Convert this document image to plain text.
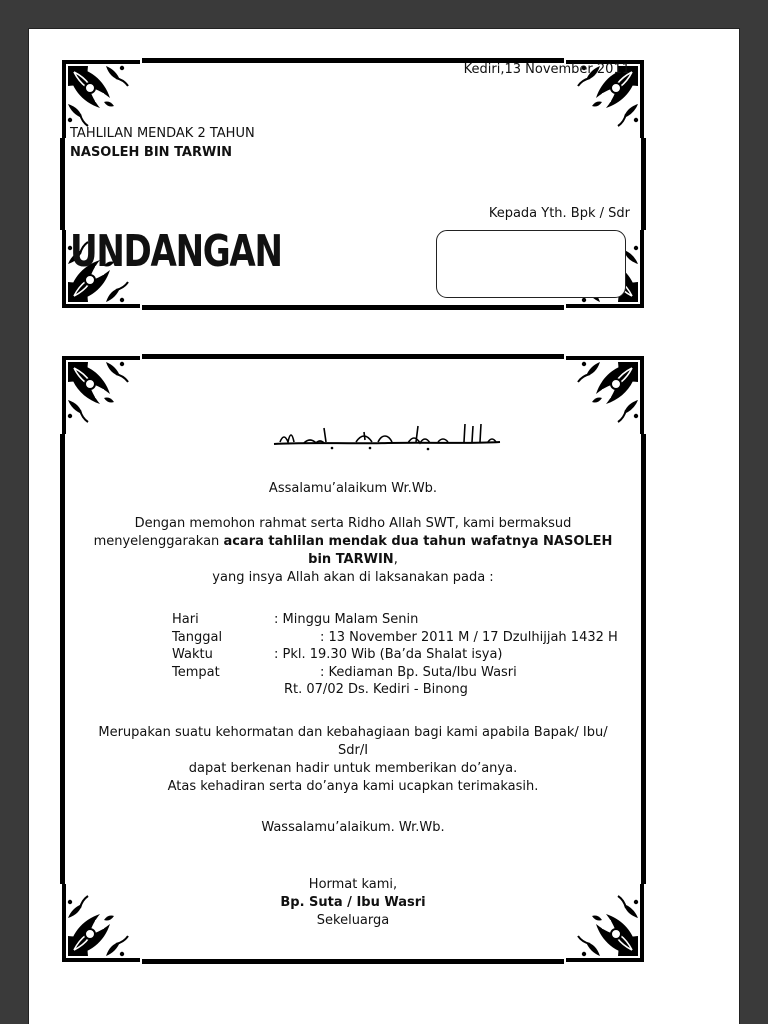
Kediri,13 November 2011
TAHLILAN MENDAK 2 TAHUN
NASOLEH BIN TARWIN
UNDANGAN
Kepada Yth. Bpk / Sdr
Assalamu’alaikum Wr.Wb.
Dengan memohon rahmat serta Ridho Allah SWT, kami bermaksud
menyelenggarakan acara tahlilan mendak dua tahun wafatnya NASOLEH
bin TARWIN,
yang insya Allah akan di laksanakan pada :
Hari	: Minggu Malam Senin
Tanggal	: 13 November 2011 M / 17 Dzulhijjah 1432 H
Waktu	: Pkl. 19.30 Wib (Ba’da Shalat isya)
Tempat	: Kediaman Bp. Suta/Ibu Wasri
Rt. 07/02 Ds. Kediri - Binong
Merupakan suatu kehormatan dan kebahagiaan bagi kami apabila Bapak/ Ibu/
Sdr/I
dapat berkenan hadir untuk memberikan do’anya.
Atas kehadiran serta do’anya kami ucapkan terimakasih.
Wassalamu’alaikum. Wr.Wb.
Hormat kami,
Bp. Suta / Ibu Wasri
Sekeluarga
